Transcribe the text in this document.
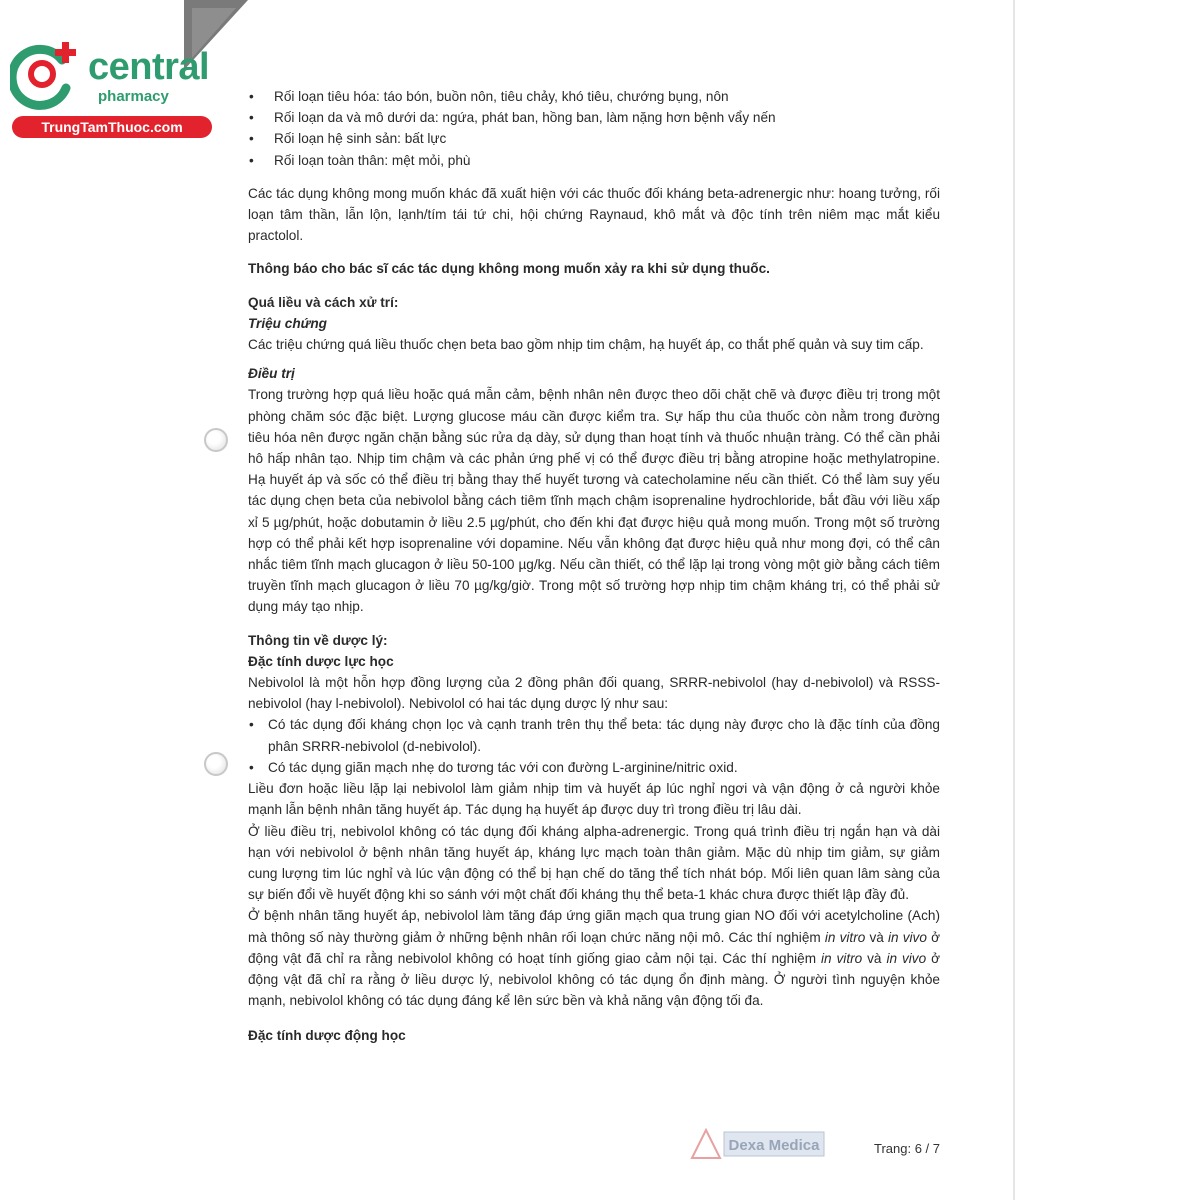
central
pharmacy
TrungTamThuoc.com
• Rối loạn tiêu hóa: táo bón, buồn nôn, tiêu chảy, khó tiêu, chướng bụng, nôn
• Rối loạn da và mô dưới da: ngứa, phát ban, hồng ban, làm nặng hơn bệnh vẩy nến
• Rối loạn hệ sinh sản: bất lực
• Rối loạn toàn thân: mệt mỏi, phù

Các tác dụng không mong muốn khác đã xuất hiện với các thuốc đối kháng beta-adrenergic như: hoang tưởng, rối loạn tâm thần, lẫn lộn, lạnh/tím tái tứ chi, hội chứng Raynaud, khô mắt và độc tính trên niêm mạc mắt kiểu practolol.

Thông báo cho bác sĩ các tác dụng không mong muốn xảy ra khi sử dụng thuốc.

Quá liều và cách xử trí:

Triệu chứng

Các triệu chứng quá liều thuốc chẹn beta bao gồm nhịp tim chậm, hạ huyết áp, co thắt phế quản và suy tim cấp.

Điều trị

Trong trường hợp quá liều hoặc quá mẫn cảm, bệnh nhân nên được theo dõi chặt chẽ và được điều trị trong một phòng chăm sóc đặc biệt. Lượng glucose máu cần được kiểm tra. Sự hấp thu của thuốc còn nằm trong đường tiêu hóa nên được ngăn chặn bằng súc rửa dạ dày, sử dụng than hoạt tính và thuốc nhuận tràng. Có thể cần phải hô hấp nhân tạo. Nhịp tim chậm và các phản ứng phế vị có thể được điều trị bằng atropine hoặc methylatropine. Hạ huyết áp và sốc có thể điều trị bằng thay thế huyết tương và catecholamine nếu cần thiết. Có thể làm suy yếu tác dụng chẹn beta của nebivolol bằng cách tiêm tĩnh mạch chậm isoprenaline hydrochloride, bắt đầu với liều xấp xỉ 5 µg/phút, hoặc dobutamin ở liều 2.5 µg/phút, cho đến khi đạt được hiệu quả mong muốn. Trong một số trường hợp có thể phải kết hợp isoprenaline với dopamine. Nếu vẫn không đạt được hiệu quả như mong đợi, có thể cân nhắc tiêm tĩnh mạch glucagon ở liều 50-100 µg/kg. Nếu cần thiết, có thể lặp lại trong vòng một giờ bằng cách tiêm truyền tĩnh mạch glucagon ở liều 70 µg/kg/giờ. Trong một số trường hợp nhịp tim chậm kháng trị, có thể phải sử dụng máy tạo nhịp.

Thông tin về dược lý:

Đặc tính dược lực học

Nebivolol là một hỗn hợp đồng lượng của 2 đồng phân đối quang, SRRR-nebivolol (hay d-nebivolol) và RSSS-nebivolol (hay l-nebivolol). Nebivolol có hai tác dụng dược lý như sau:

• Có tác dụng đối kháng chọn lọc và cạnh tranh trên thụ thể beta: tác dụng này được cho là đặc tính của đồng phân SRRR-nebivolol (d-nebivolol).
• Có tác dụng giãn mạch nhẹ do tương tác với con đường L-arginine/nitric oxid.

Liều đơn hoặc liều lặp lại nebivolol làm giảm nhịp tim và huyết áp lúc nghỉ ngơi và vận động ở cả người khỏe mạnh lẫn bệnh nhân tăng huyết áp. Tác dụng hạ huyết áp được duy trì trong điều trị lâu dài.

Ở liều điều trị, nebivolol không có tác dụng đối kháng alpha-adrenergic. Trong quá trình điều trị ngắn hạn và dài hạn với nebivolol ở bệnh nhân tăng huyết áp, kháng lực mạch toàn thân giảm. Mặc dù nhịp tim giảm, sự giảm cung lượng tim lúc nghỉ và lúc vận động có thể bị hạn chế do tăng thể tích nhát bóp. Mối liên quan lâm sàng của sự biến đổi về huyết động khi so sánh với một chất đối kháng thụ thể beta-1 khác chưa được thiết lập đầy đủ.

Ở bệnh nhân tăng huyết áp, nebivolol làm tăng đáp ứng giãn mạch qua trung gian NO đối với acetylcholine (Ach) mà thông số này thường giảm ở những bệnh nhân rối loạn chức năng nội mô. Các thí nghiệm in vitro và in vivo ở động vật đã chỉ ra rằng nebivolol không có hoạt tính giống giao cảm nội tại. Các thí nghiệm in vitro và in vivo ở động vật đã chỉ ra rằng ở liều dược lý, nebivolol không có tác dụng ổn định màng. Ở người tình nguyện khỏe mạnh, nebivolol không có tác dụng đáng kể lên sức bền và khả năng vận động tối đa.

Đặc tính dược động học

Dexa Medica	Trang: 6 / 7
